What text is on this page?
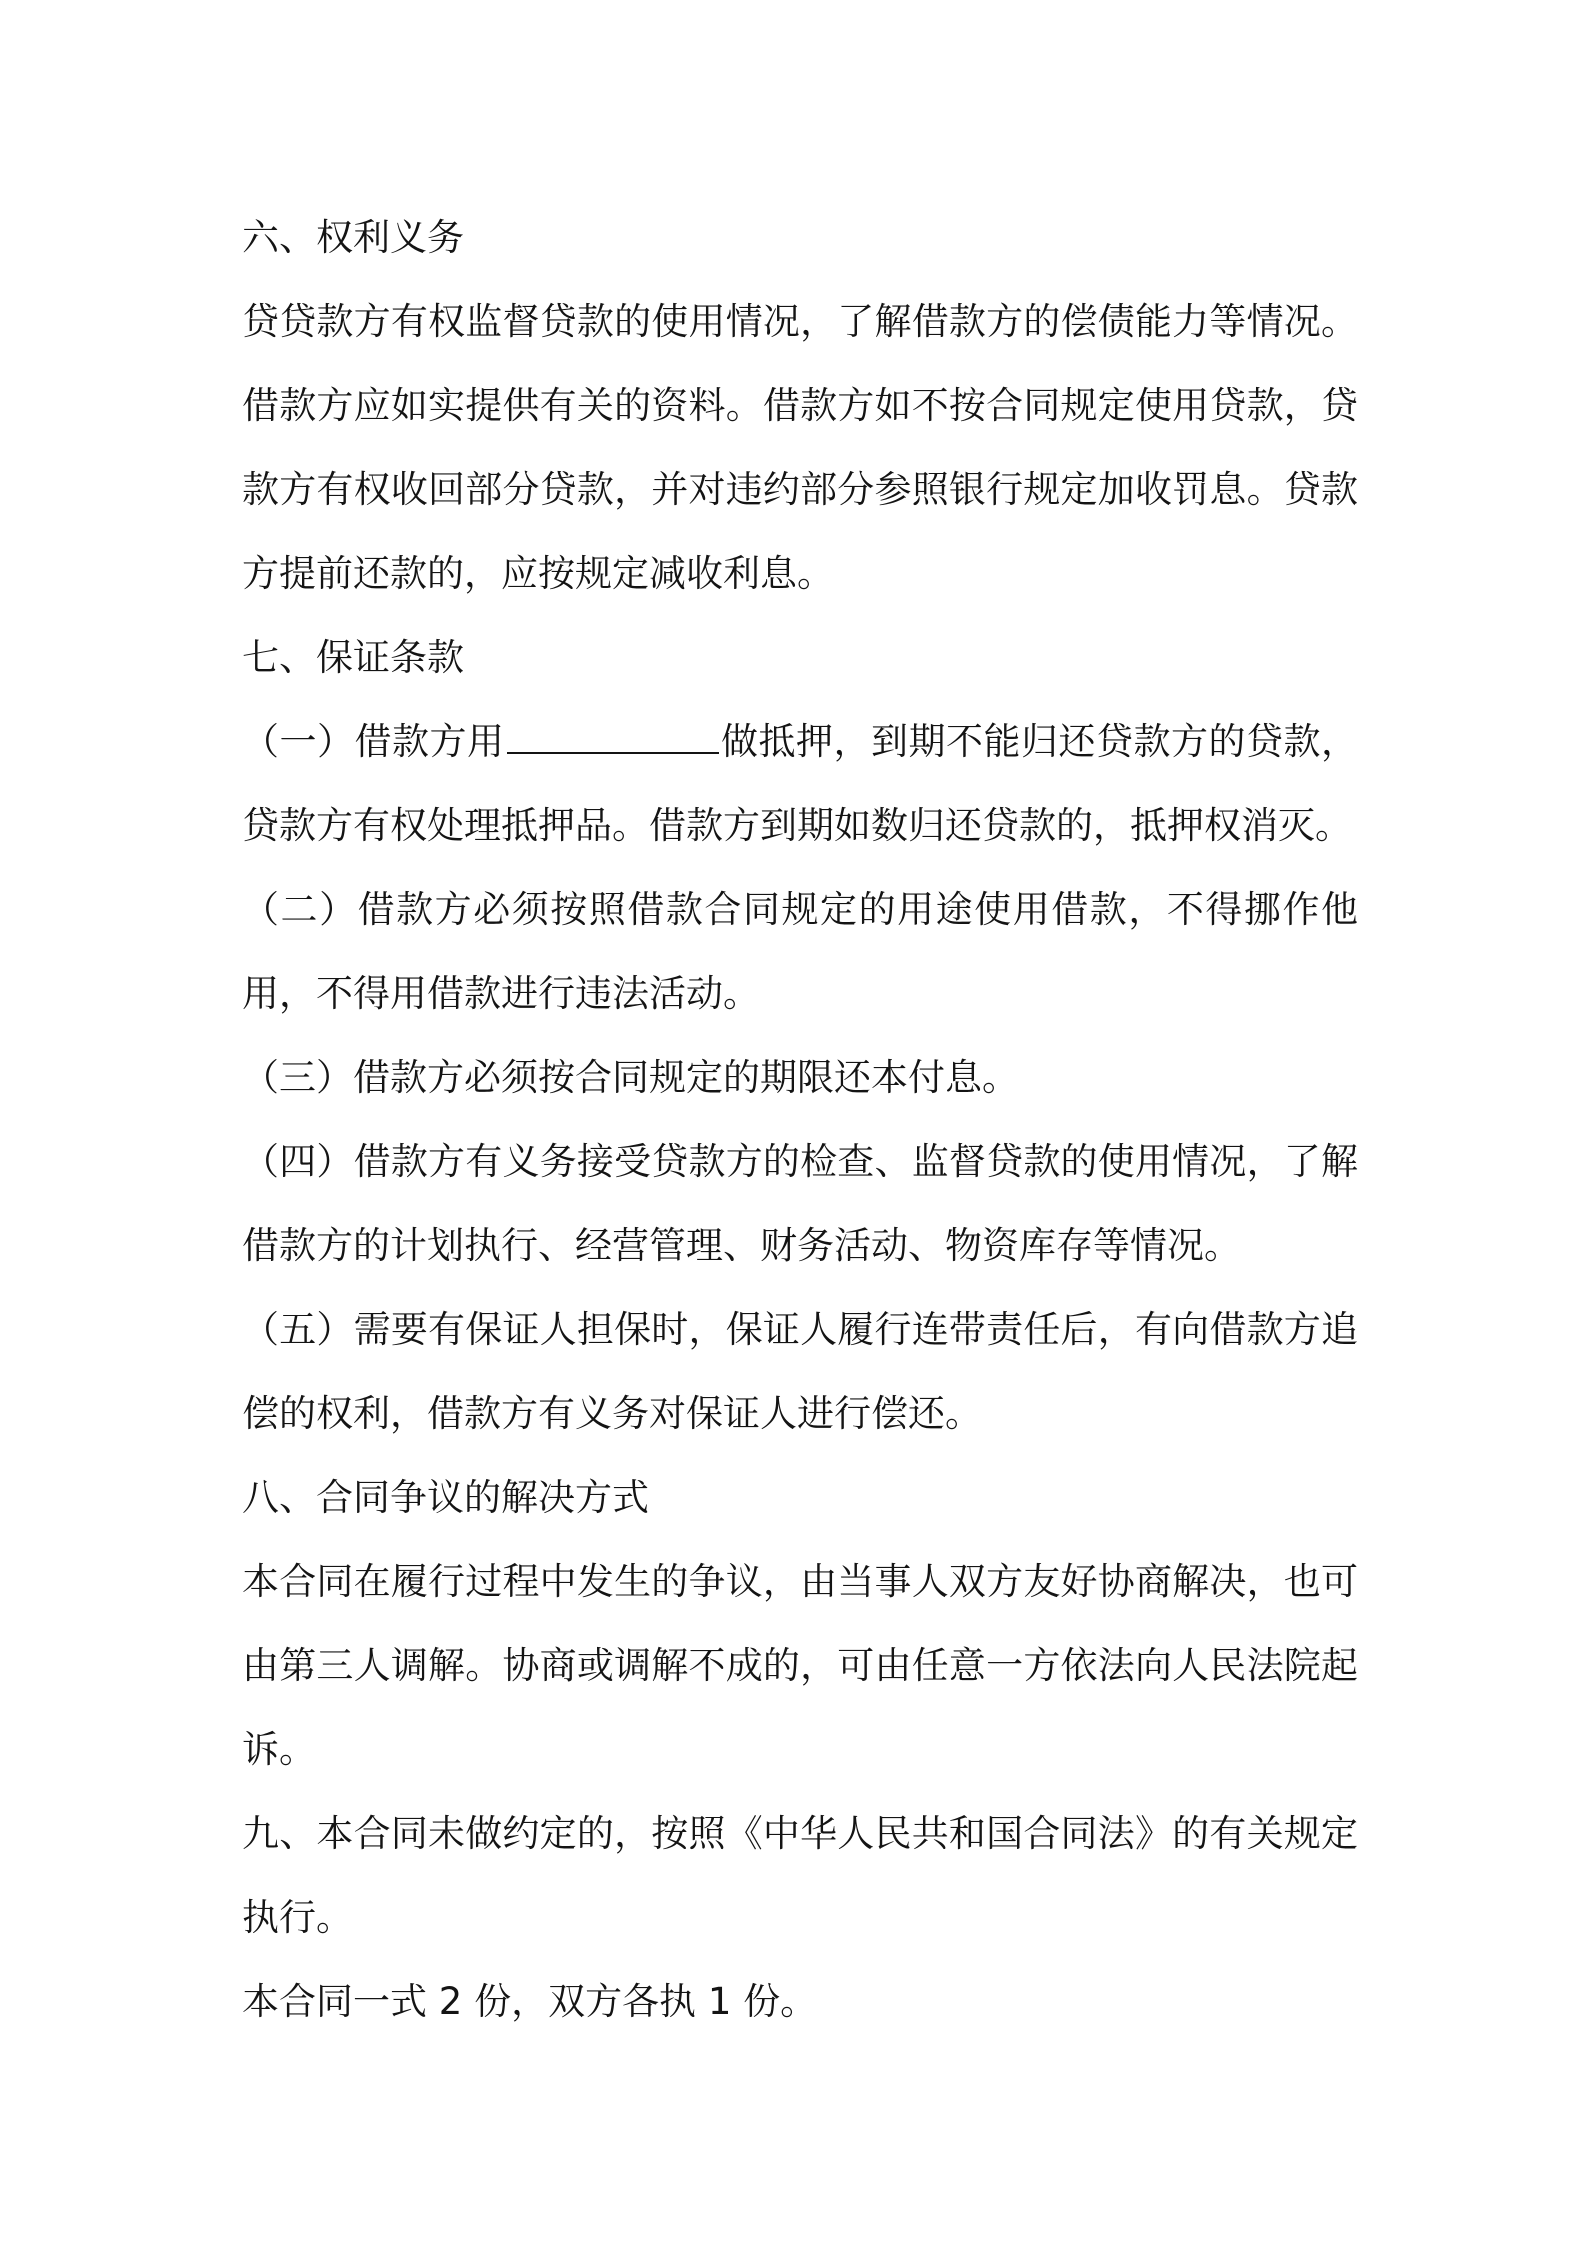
六、权利义务

贷贷款方有权监督贷款的使用情况，了解借款方的偿债能力等情况。借款方应如实提供有关的资料。借款方如不按合同规定使用贷款，贷款方有权收回部分贷款，并对违约部分参照银行规定加收罚息。贷款方提前还款的，应按规定减收利息。

七、保证条款

（一）借款方用	做抵押，到期不能归还贷款方的贷款，贷款方有权处理抵押品。借款方到期如数归还贷款的，抵押权消灭。

（二）借款方必须按照借款合同规定的用途使用借款，不得挪作他用，不得用借款进行违法活动。

（三）借款方必须按合同规定的期限还本付息。

（四）借款方有义务接受贷款方的检查、监督贷款的使用情况，了解借款方的计划执行、经营管理、财务活动、物资库存等情况。

（五）需要有保证人担保时，保证人履行连带责任后，有向借款方追偿的权利，借款方有义务对保证人进行偿还。

八、合同争议的解决方式

本合同在履行过程中发生的争议，由当事人双方友好协商解决，也可由第三人调解。协商或调解不成的，可由任意一方依法向人民法院起诉。

九、本合同未做约定的，按照《中华人民共和国合同法》的有关规定执行。

本合同一式 2 份，双方各执 1 份。
